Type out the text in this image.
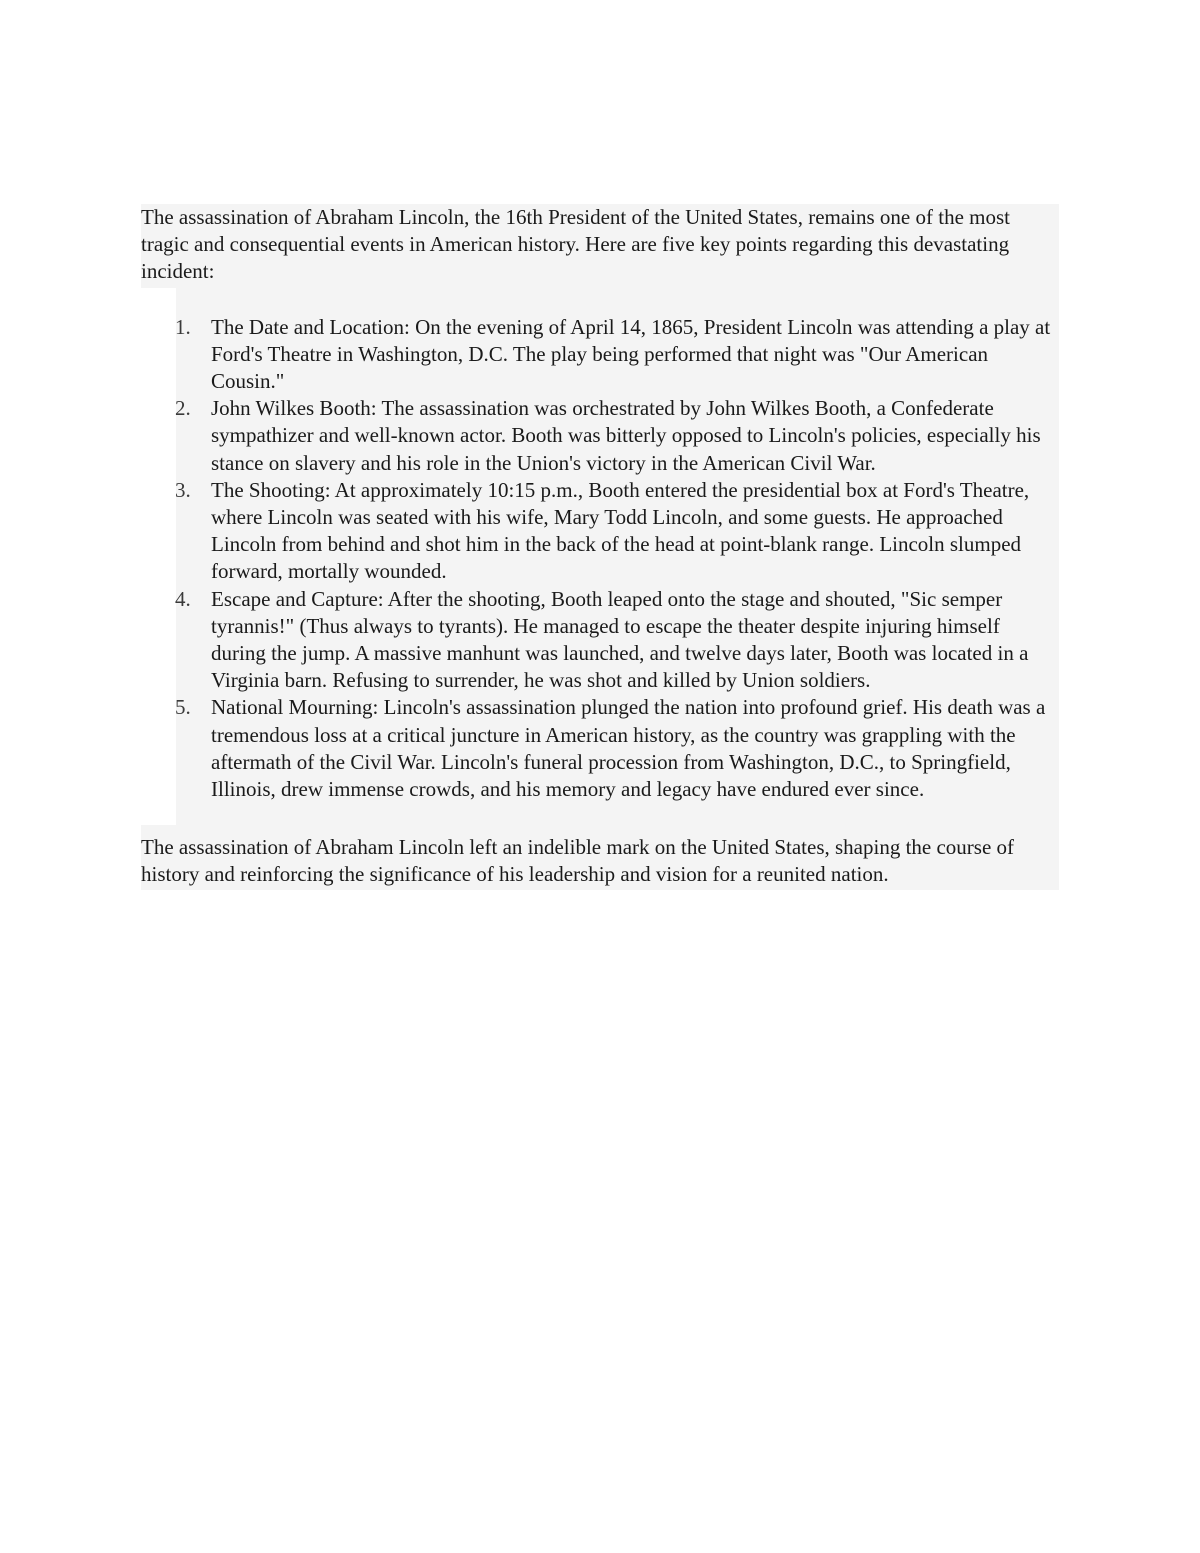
The assassination of Abraham Lincoln, the 16th President of the United States, remains one of the most tragic and consequential events in American history. Here are five key points regarding this devastating incident:

The Date and Location: On the evening of April 14, 1865, President Lincoln was attending a play at Ford's Theatre in Washington, D.C. The play being performed that night was "Our American Cousin."
John Wilkes Booth: The assassination was orchestrated by John Wilkes Booth, a Confederate sympathizer and well-known actor. Booth was bitterly opposed to Lincoln's policies, especially his stance on slavery and his role in the Union's victory in the American Civil War.
The Shooting: At approximately 10:15 p.m., Booth entered the presidential box at Ford's Theatre, where Lincoln was seated with his wife, Mary Todd Lincoln, and some guests. He approached Lincoln from behind and shot him in the back of the head at point-blank range. Lincoln slumped forward, mortally wounded.
Escape and Capture: After the shooting, Booth leaped onto the stage and shouted, "Sic semper tyrannis!" (Thus always to tyrants). He managed to escape the theater despite injuring himself during the jump. A massive manhunt was launched, and twelve days later, Booth was located in a Virginia barn. Refusing to surrender, he was shot and killed by Union soldiers.
National Mourning: Lincoln's assassination plunged the nation into profound grief. His death was a tremendous loss at a critical juncture in American history, as the country was grappling with the aftermath of the Civil War. Lincoln's funeral procession from Washington, D.C., to Springfield, Illinois, drew immense crowds, and his memory and legacy have endured ever since.

The assassination of Abraham Lincoln left an indelible mark on the United States, shaping the course of history and reinforcing the significance of his leadership and vision for a reunited nation.
